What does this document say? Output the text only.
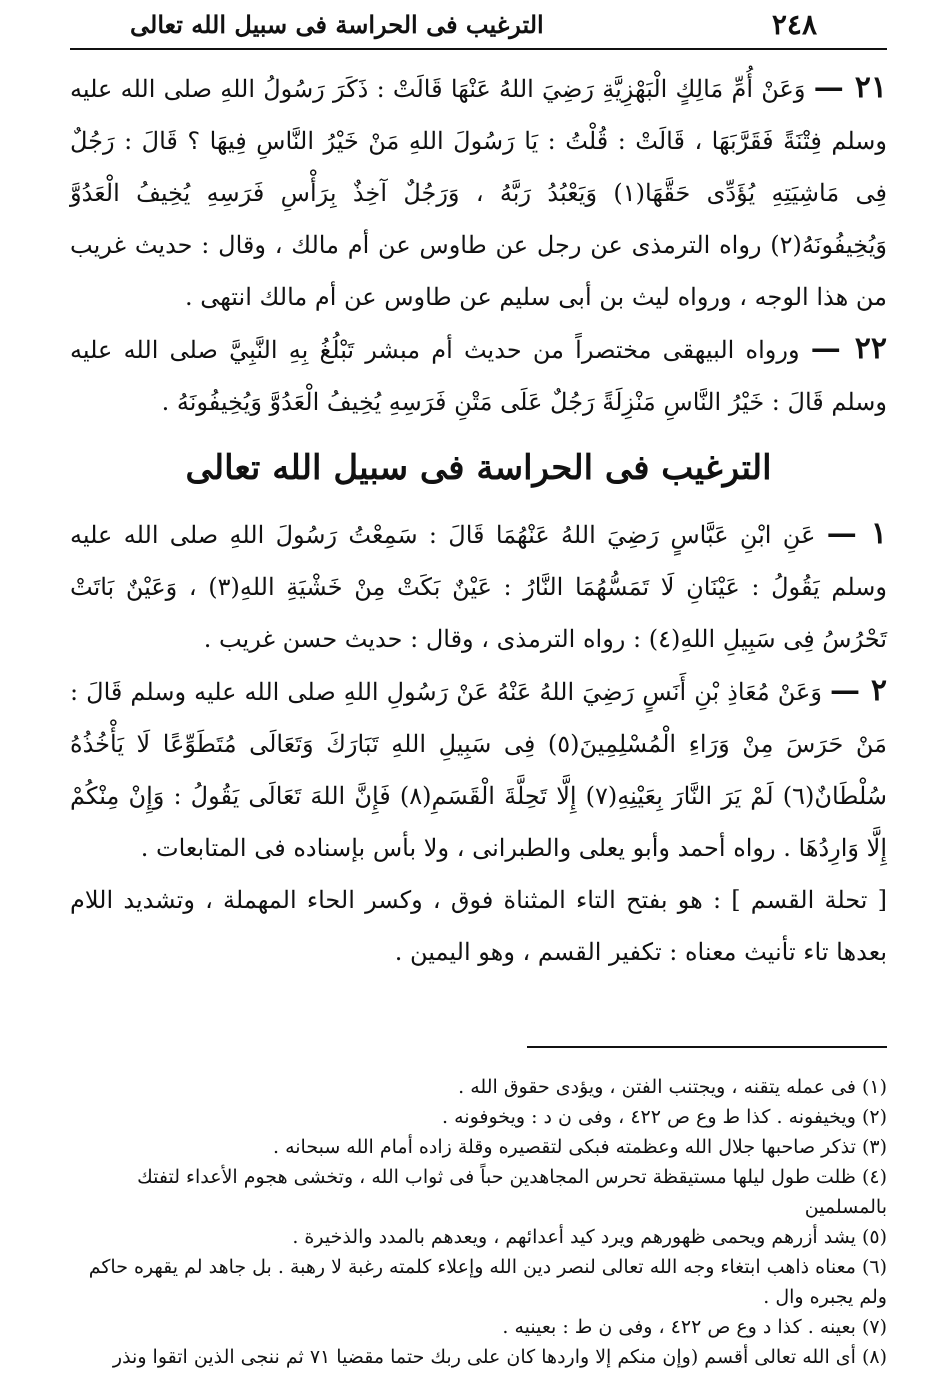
٢٤٨
الترغيب فى الحراسة فى سبيل الله تعالى

٢١ — وَعَنْ أُمِّ مَالِكٍ الْبَهْزِيَّةِ رَضِيَ اللهُ عَنْهَا قَالَتْ : ذَكَرَ رَسُولُ اللهِ صلى الله عليه وسلم فِتْنَةً فَقَرَّبَهَا ، قَالَتْ : قُلْتُ : يَا رَسُولَ اللهِ مَنْ خَيْرُ النَّاسِ فِيهَا ؟ قَالَ : رَجُلٌ فِى مَاشِيَتِهِ يُؤَدِّى حَقَّهَا(١) وَيَعْبُدُ رَبَّهُ ، وَرَجُلٌ آخِذٌ بِرَأْسِ فَرَسِهِ يُخِيفُ الْعَدُوَّ وَيُخِيفُونَهُ(٢) رواه الترمذى عن رجل عن طاوس عن أم مالك ، وقال : حديث غريب من هذا الوجه ، ورواه ليث بن أبى سليم عن طاوس عن أم مالك انتهى .

٢٢ — ورواه البيهقى مختصراً من حديث أم مبشر تَبْلُغُ بِهِ النَّبِيَّ صلى الله عليه وسلم قَالَ : خَيْرُ النَّاسِ مَنْزِلَةً رَجُلٌ عَلَى مَتْنِ فَرَسِهِ يُخِيفُ الْعَدُوَّ وَيُخِيفُونَهُ .

الترغيب فى الحراسة فى سبيل الله تعالى

١ — عَنِ ابْنِ عَبَّاسٍ رَضِيَ اللهُ عَنْهُمَا قَالَ : سَمِعْتُ رَسُولَ اللهِ صلى الله عليه وسلم يَقُولُ : عَيْنَانِ لَا تَمَسُّهُمَا النَّارُ : عَيْنٌ بَكَتْ مِنْ خَشْيَةِ اللهِ(٣) ، وَعَيْنٌ بَاتَتْ تَحْرُسُ فِى سَبِيلِ اللهِ(٤) : رواه الترمذى ، وقال : حديث حسن غريب .

٢ — وَعَنْ مُعَاذِ بْنِ أَنَسٍ رَضِيَ اللهُ عَنْهُ عَنْ رَسُولِ اللهِ صلى الله عليه وسلم قَالَ : مَنْ حَرَسَ مِنْ وَرَاءِ الْمُسْلِمِينَ(٥) فِى سَبِيلِ اللهِ تَبَارَكَ وَتَعَالَى مُتَطَوِّعًا لَا يَأْخُذُهُ سُلْطَانٌ(٦) لَمْ يَرَ النَّارَ بِعَيْنِهِ(٧) إِلَّا تَحِلَّةَ الْقَسَمِ(٨) فَإِنَّ اللهَ تَعَالَى يَقُولُ : وَإِنْ مِنْكُمْ إِلَّا وَارِدُهَا . رواه أحمد وأبو يعلى والطبرانى ، ولا بأس بإسناده فى المتابعات .

[ تحلة القسم ] : هو بفتح التاء المثناة فوق ، وكسر الحاء المهملة ، وتشديد اللام بعدها تاء تأنيث معناه : تكفير القسم ، وهو اليمين .

(١)فى عمله يتقنه ، ويجتنب الفتن ، ويؤدى حقوق الله .

(٢)ويخيفونه . كذا ط وع ص ٤٢٢ ، وفى ن د : ويخوفونه .

(٣)تذكر صاحبها جلال الله وعظمته فبكى لتقصيره وقلة زاده أمام الله سبحانه .

(٤)ظلت طول ليلها مستيقظة تحرس المجاهدين حباً فى ثواب الله ، وتخشى هجوم الأعداء لتفتك بالمسلمين

(٥)يشد أزرهم ويحمى ظهورهم ويرد كيد أعدائهم ، ويعدهم بالمدد والذخيرة .

(٦)معناه ذاهب ابتغاء وجه الله تعالى لنصر دين الله وإعلاء كلمته رغبة لا رهبة . بل جاهد لم يقهره حاكم ولم يجبره وال .

(٧)بعينه . كذا د وع ص ٤٢٢ ، وفى ن ط : بعينيه .

(٨)أى الله تعالى أقسم (وإن منكم إلا واردها كان على ربك حتما مقضيا ٧١ ثم ننجى الذين اتقوا ونذر
